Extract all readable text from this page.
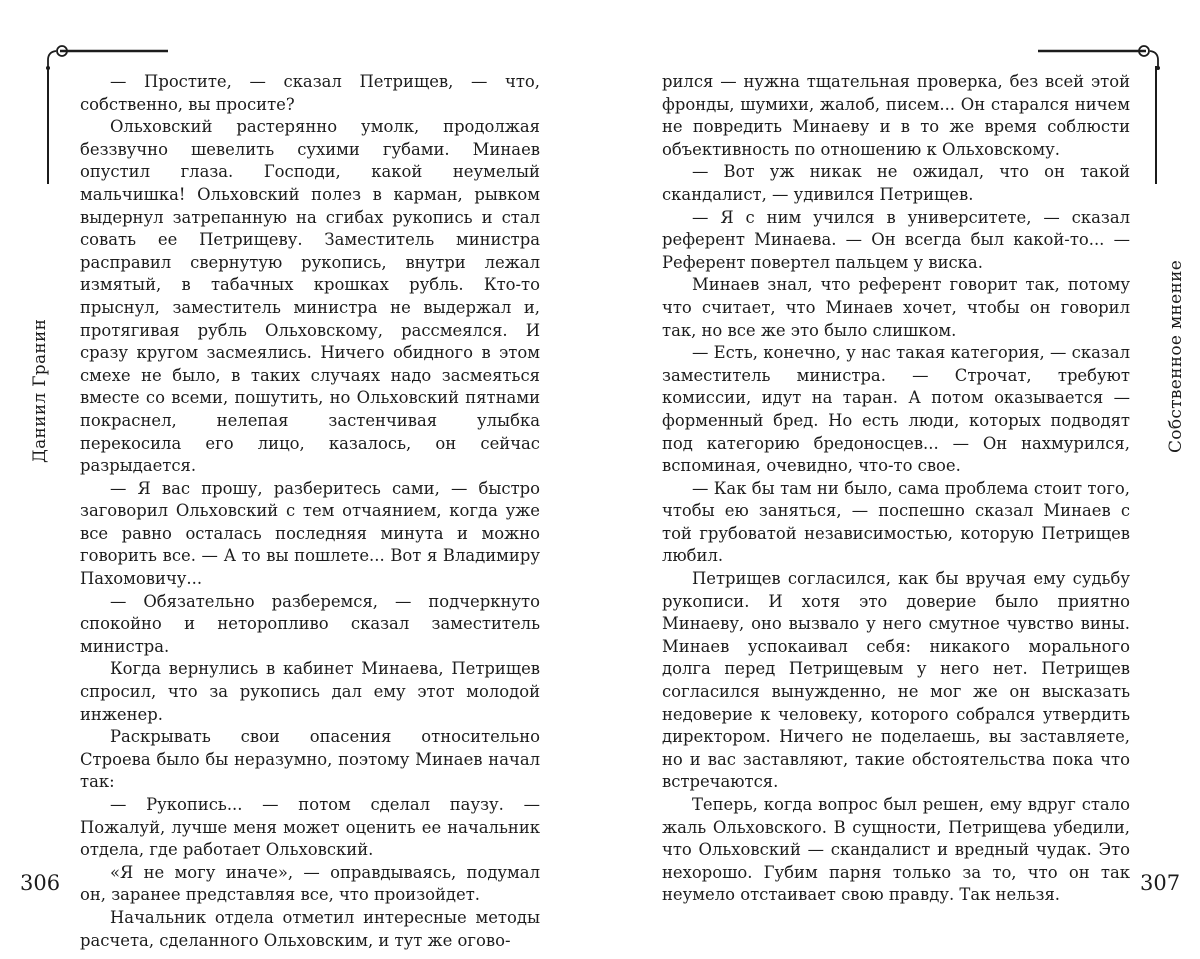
Даниил Гранин	Собственное мнение

— Простите, — сказал Петрищев, — что, собственно, вы просите?

Ольховский растерянно умолк, продолжая беззвучно шевелить сухими губами. Минаев опустил глаза. Господи, какой неумелый мальчишка! Ольховский полез в карман, рывком выдернул затрепанную на сгибах рукопись и стал совать ее Петрищеву. Заместитель министра расправил свернутую рукопись, внутри лежал измятый, в табачных крошках рубль. Кто-то прыснул, заместитель министра не выдержал и, протягивая рубль Ольховскому, рассмеялся. И сразу кругом засмеялись. Ничего обидного в этом смехе не было, в таких случаях надо засмеяться вместе со всеми, пошутить, но Ольховский пятнами покраснел, нелепая застенчивая улыбка перекосила его лицо, казалось, он сейчас разрыдается.

— Я вас прошу, разберитесь сами, — быстро заговорил Ольховский с тем отчаянием, когда уже все равно осталась последняя минута и можно говорить все. — А то вы пошлете... Вот я Владимиру Пахомовичу...

— Обязательно разберемся, — подчеркнуто спокойно и неторопливо сказал заместитель министра.

Когда вернулись в кабинет Минаева, Петрищев спросил, что за рукопись дал ему этот молодой инженер.

Раскрывать свои опасения относительно Строева было бы неразумно, поэтому Минаев начал так:

— Рукопись... — потом сделал паузу. — Пожалуй, лучше меня может оценить ее начальник отдела, где работает Ольховский.

«Я не могу иначе», — оправдываясь, подумал он, заранее представляя все, что произойдет.

Начальник отдела отметил интересные методы расчета, сделанного Ольховским, и тут же огово-

рился — нужна тщательная проверка, без всей этой фронды, шумихи, жалоб, писем... Он старался ничем не повредить Минаеву и в то же время соблюсти объективность по отношению к Ольховскому.

— Вот уж никак не ожидал, что он такой скандалист, — удивился Петрищев.

— Я с ним учился в университете, — сказал референт Минаева. — Он всегда был какой-то... — Референт повертел пальцем у виска.

Минаев знал, что референт говорит так, потому что считает, что Минаев хочет, чтобы он говорил так, но все же это было слишком.

— Есть, конечно, у нас такая категория, — сказал заместитель министра. — Строчат, требуют комиссии, идут на таран. А потом оказывается — форменный бред. Но есть люди, которых подводят под категорию бредоносцев... — Он нахмурился, вспоминая, очевидно, что-то свое.

— Как бы там ни было, сама проблема стоит того, чтобы ею заняться, — поспешно сказал Минаев с той грубоватой независимостью, которую Петрищев любил.

Петрищев согласился, как бы вручая ему судьбу рукописи. И хотя это доверие было приятно Минаеву, оно вызвало у него смутное чувство вины. Минаев успокаивал себя: никакого морального долга перед Петрищевым у него нет. Петрищев согласился вынужденно, не мог же он высказать недоверие к человеку, которого собрался утвердить директором. Ничего не поделаешь, вы заставляете, но и вас заставляют, такие обстоятельства пока что встречаются.

Теперь, когда вопрос был решен, ему вдруг стало жаль Ольховского. В сущности, Петрищева убедили, что Ольховский — скандалист и вредный чудак. Это нехорошо. Губим парня только за то, что он так неумело отстаивает свою правду. Так нельзя.

306	307
